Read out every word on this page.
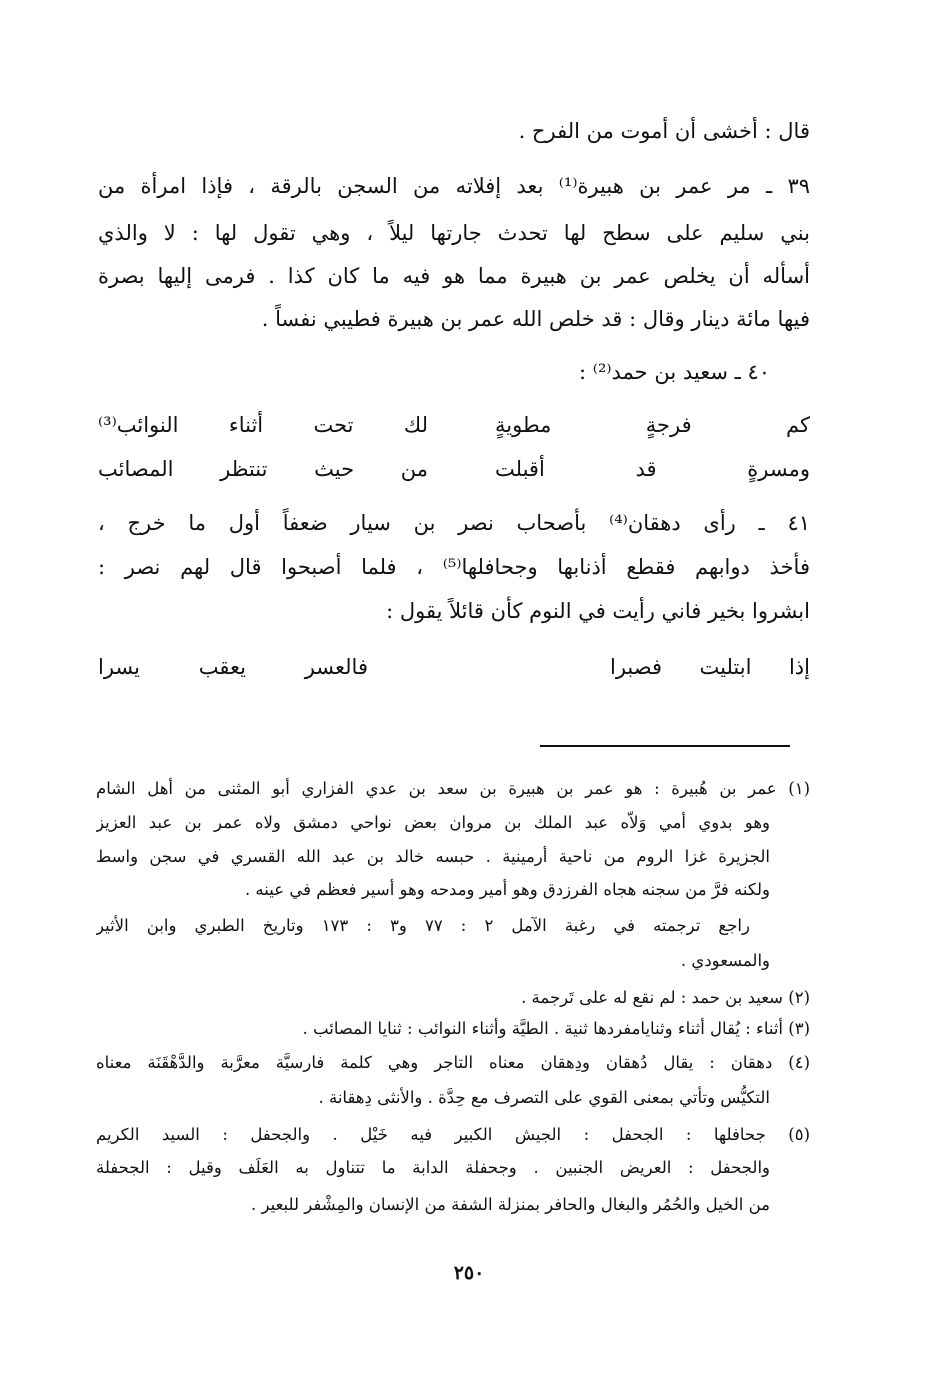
قال : أخشى أن أموت من الفرح .
٣٩ ـ مر عمر بن هبيرة⁽¹⁾ بعد إفلاته من السجن بالرقة ، فإذا امرأة من
بني سليم على سطح لها تحدث جارتها ليلاً ، وهي تقول لها : لا والذي
أسأله أن يخلص عمر بن هبيرة مما هو فيه ما كان كذا . فرمى إليها بصرة
فيها مائة دينار وقال : قد خلص الله عمر بن هبيرة فطيبي نفساً .
٤٠ ـ سعيد بن حمد⁽²⁾ :
كم فرجةٍ مطويةٍ
لك تحت أثناء النوائب⁽³⁾
ومسرةٍ قد أقبلت
من حيث تنتظر المصائب
٤١ ـ رأى دهقان⁽⁴⁾ بأصحاب نصر بن سيار ضعفاً أول ما خرج ،
فأخذ دوابهم فقطع أذنابها وجحافلها⁽⁵⁾ ، فلما أصبحوا قال لهم نصر :
ابشروا بخير فاني رأيت في النوم كأن قائلاً يقول :
إذا ابتليت فصبرا
فالعسر يعقب يسرا
(١) عمر بن هُبيرة : هو عمر بن هبيرة بن سعد بن عدي الفزاري أبو المثنى من أهل الشام
وهو بدوي أمي وَلاّه عبد الملك بن مروان بعض نواحي دمشق ولاه عمر بن عبد العزيز
الجزيرة غزا الروم من ناحية أرمينية . حبسه خالد بن عبد الله القسري في سجن واسط
ولكنه فرَّ من سجنه هجاه الفرزدق وهو أمير ومدحه وهو أسير فعظم في عينه .
راجع ترجمته في رغبة الآمل ٢ : ٧٧ و٣ : ١٧٣ وتاريخ الطبري وابن الأثير
والمسعودي .
(٢) سعيد بن حمد : لم نقع له على تَرجمة .
(٣) أثناء : يُقال أثناء وثنايامفردها ثنية . الطيَّة وأثناء النوائب : ثنايا المصائب .
(٤) دهقان : يقال دُهقان ودِهقان معناه التاجر وهي كلمة فارسيَّة معرَّبة والدَّهْقَنَة معناه
التكيُّس وتأتي بمعنى القوي على التصرف مع حِدَّة . والأنثى دِهقانة .
(٥) جحافلها : الجحفل : الجيش الكبير فيه خَيْل . والجحفل : السيد الكريم
والجحفل : العريض الجنبين . وجحفلة الدابة ما تتناول به العَلَف وقيل : الجحفلة
من الخيل والحُمُر والبغال والحافر بمنزلة الشفة من الإنسان والمِشْفر للبعير .
٢٥٠
